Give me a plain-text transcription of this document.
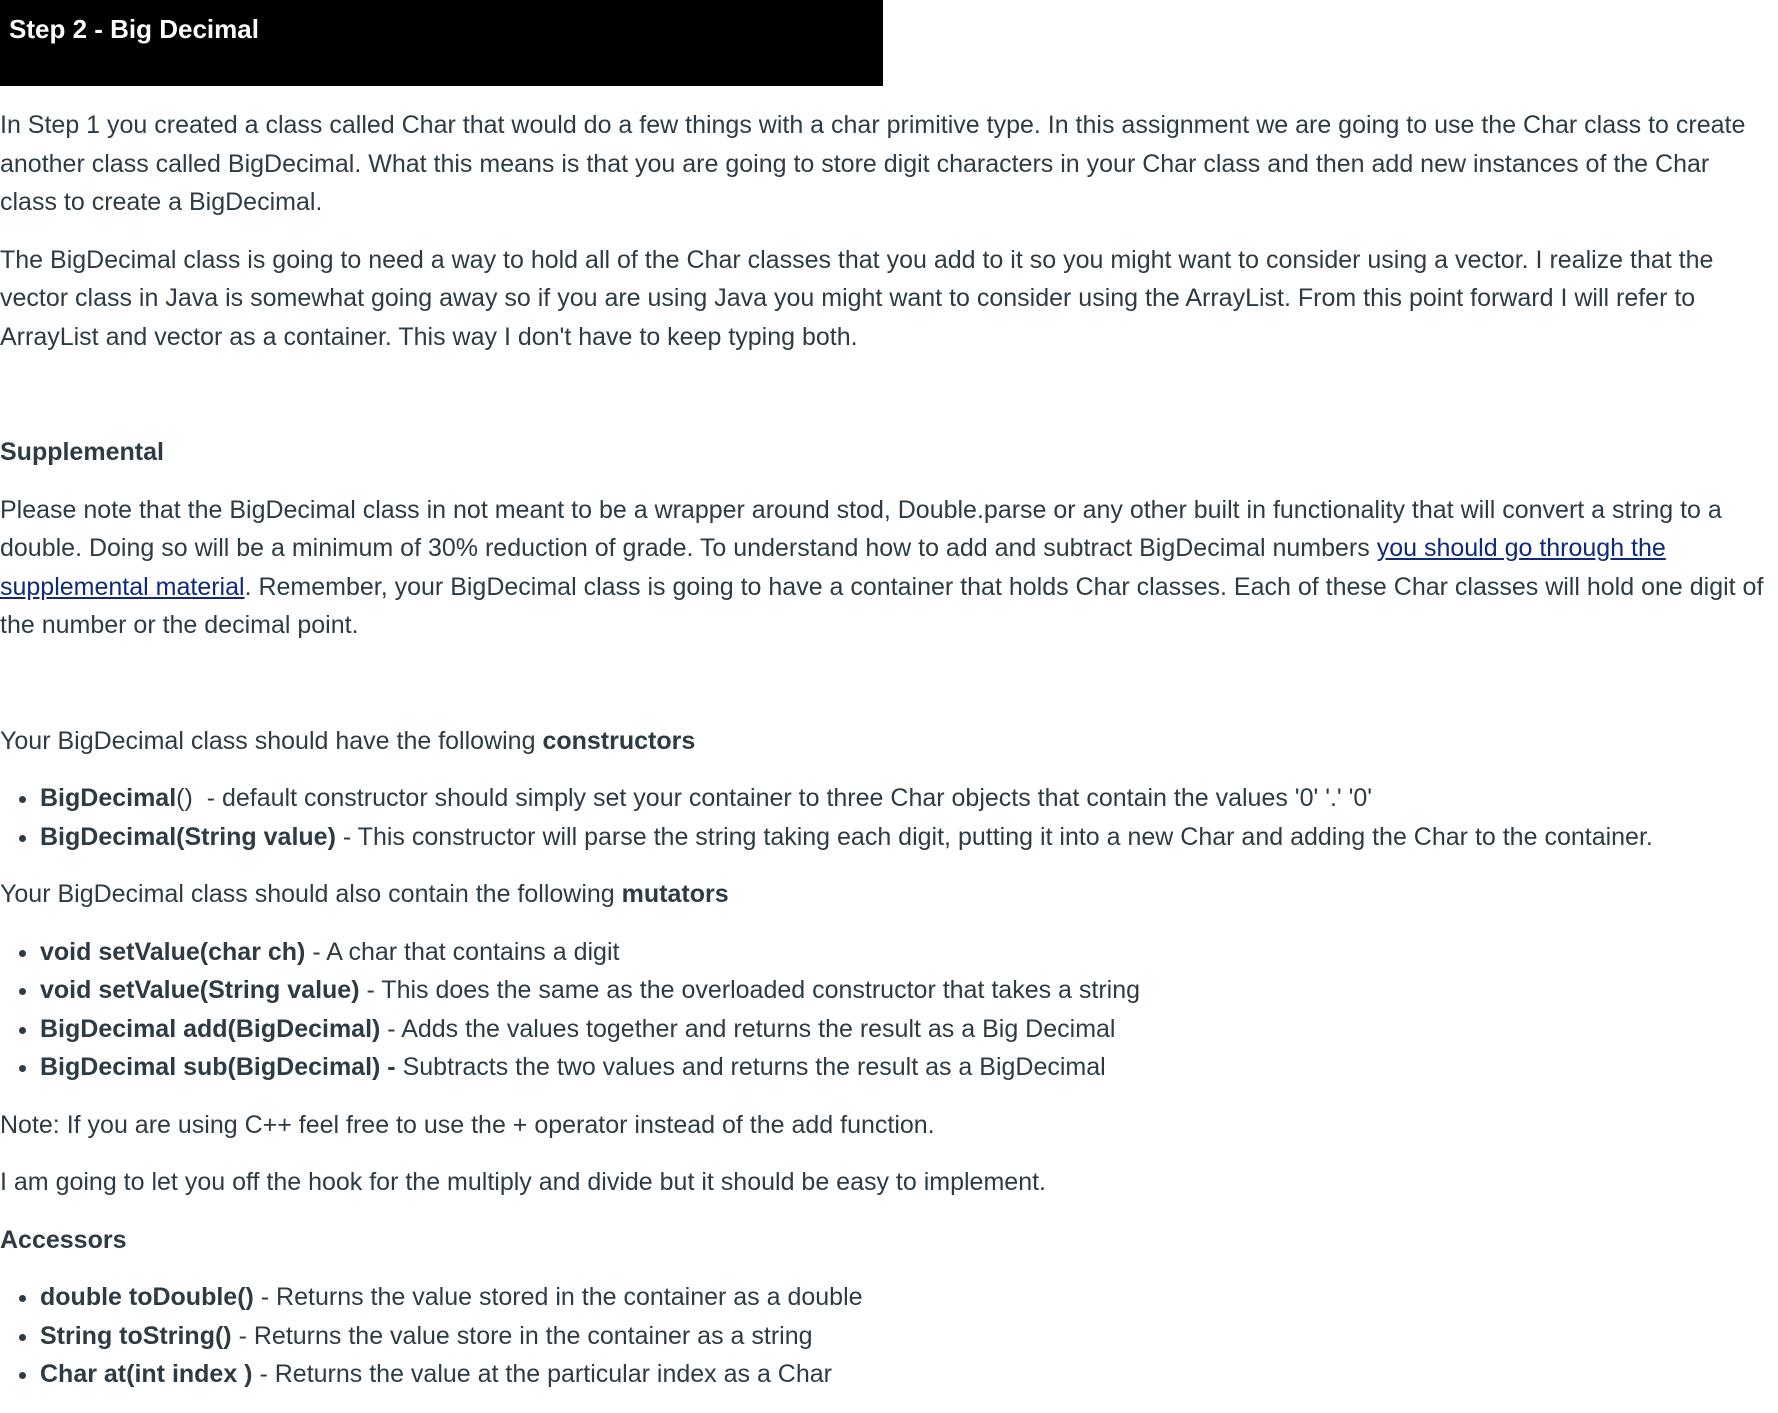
Step 2 - Big Decimal

In Step 1 you created a class called Char that would do a few things with a char primitive type. In this assignment we are going to use the Char class to create another class called BigDecimal. What this means is that you are going to store digit characters in your Char class and then add new instances of the Char class to create a BigDecimal.

The BigDecimal class is going to need a way to hold all of the Char classes that you add to it so you might want to consider using a vector. I realize that the vector class in Java is somewhat going away so if you are using Java you might want to consider using the ArrayList. From this point forward I will refer to ArrayList and vector as a container. This way I don't have to keep typing both.

Supplemental

Please note that the BigDecimal class in not meant to be a wrapper around stod, Double.parse or any other built in functionality that will convert a string to a double. Doing so will be a minimum of 30% reduction of grade. To understand how to add and subtract BigDecimal numbers you should go through the supplemental material. Remember, your BigDecimal class is going to have a container that holds Char classes. Each of these Char classes will hold one digit of the number or the decimal point.

Your BigDecimal class should have the following constructors

• BigDecimal()  - default constructor should simply set your container to three Char objects that contain the values '0' '.' '0'
• BigDecimal(String value) - This constructor will parse the string taking each digit, putting it into a new Char and adding the Char to the container.

Your BigDecimal class should also contain the following mutators

• void setValue(char ch) - A char that contains a digit
• void setValue(String value) - This does the same as the overloaded constructor that takes a string
• BigDecimal add(BigDecimal) - Adds the values together and returns the result as a Big Decimal
• BigDecimal sub(BigDecimal) - Subtracts the two values and returns the result as a BigDecimal

Note: If you are using C++ feel free to use the + operator instead of the add function.

I am going to let you off the hook for the multiply and divide but it should be easy to implement.

Accessors
• double toDouble() - Returns the value stored in the container as a double
• String toString() - Returns the value store in the container as a string
• Char at(int index ) - Returns the value at the particular index as a Char
